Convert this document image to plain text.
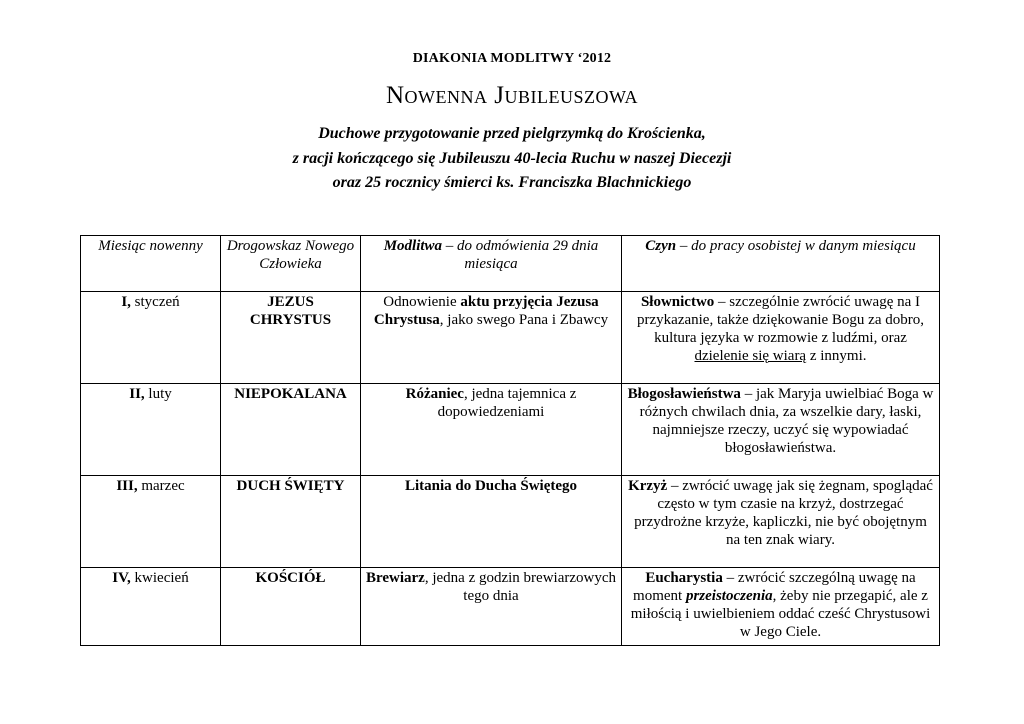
DIAKONIA MODLITWY ‘2012
Nowenna Jubileuszowa
Duchowe przygotowanie przed pielgrzymką do Krościenka,
z racji kończącego się Jubileuszu 40-lecia Ruchu w naszej Diecezji
oraz 25 rocznicy śmierci ks. Franciszka Blachnickiego
Miesiąc nowenny	Drogowskaz Nowego Człowieka	Modlitwa – do odmówienia 29 dnia miesiąca	Czyn – do pracy osobistej w danym miesiącu
I, styczeń	JEZUS CHRYSTUS	Odnowienie aktu przyjęcia Jezusa Chrystusa, jako swego Pana i Zbawcy	Słownictwo – szczególnie zwrócić uwagę na I przykazanie, także dziękowanie Bogu za dobro, kultura języka w rozmowie z ludźmi, oraz dzielenie się wiarą z innymi.
II, luty	NIEPOKALANA	Różaniec, jedna tajemnica z dopowiedzeniami	Błogosławieństwa – jak Maryja uwielbiać Boga w różnych chwilach dnia, za wszelkie dary, łaski, najmniejsze rzeczy, uczyć się wypowiadać błogosławieństwa.
III, marzec	DUCH ŚWIĘTY	Litania do Ducha Świętego	Krzyż – zwrócić uwagę jak się żegnam, spoglądać często w tym czasie na krzyż, dostrzegać przydrożne krzyże, kapliczki, nie być obojętnym na ten znak wiary.
IV, kwiecień	KOŚCIÓŁ	Brewiarz, jedna z godzin brewiarzowych tego dnia	Eucharystia – zwrócić szczególną uwagę na moment przeistoczenia, żeby nie przegapić, ale z miłością i uwielbieniem oddać cześć Chrystusowi w Jego Ciele.
